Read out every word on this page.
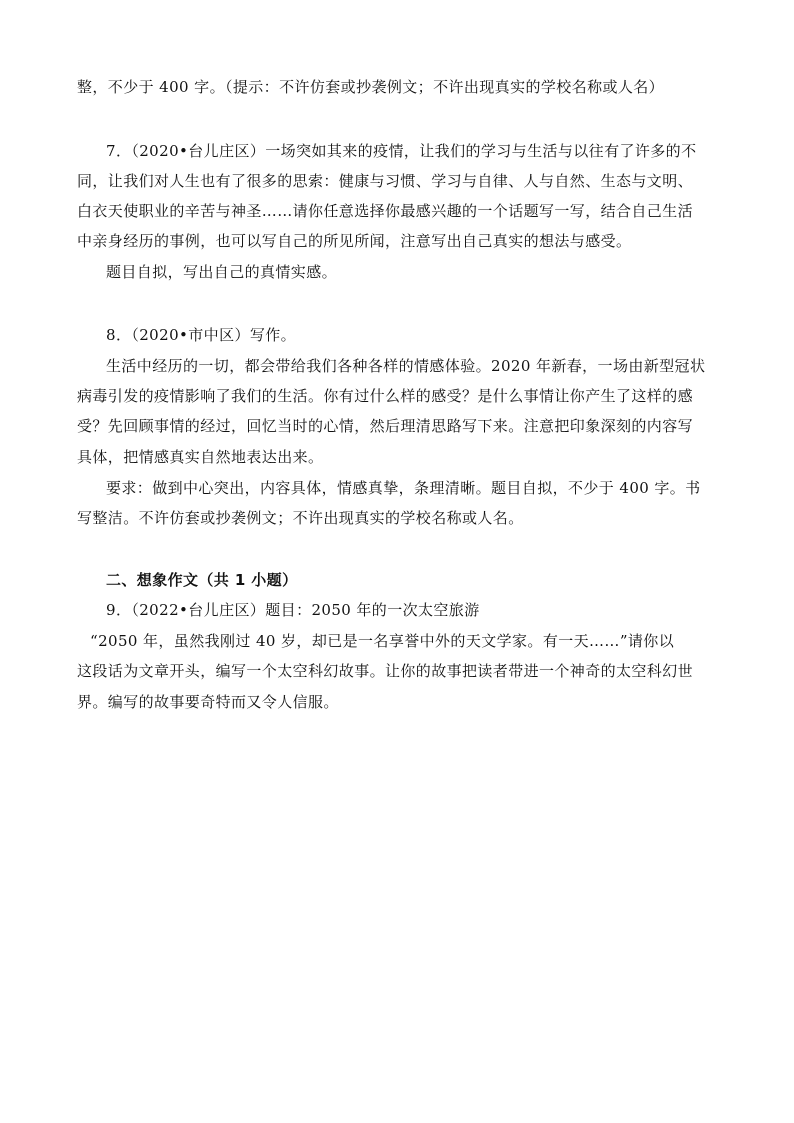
整，不少于 400 字。（提示：不许仿套或抄袭例文；不许出现真实的学校名称或人名）
7．（2020•台儿庄区）一场突如其来的疫情，让我们的学习与生活与以往有了许多的不
同，让我们对人生也有了很多的思索：健康与习惯、学习与自律、人与自然、生态与文明、
白衣天使职业的辛苦与神圣……请你任意选择你最感兴趣的一个话题写一写，结合自己生活
中亲身经历的事例，也可以写自己的所见所闻，注意写出自己真实的想法与感受。
题目自拟，写出自己的真情实感。
8．（2020•市中区）写作。
生活中经历的一切，都会带给我们各种各样的情感体验。2020 年新春，一场由新型冠状
病毒引发的疫情影响了我们的生活。你有过什么样的感受？是什么事情让你产生了这样的感
受？先回顾事情的经过，回忆当时的心情，然后理清思路写下来。注意把印象深刻的内容写
具体，把情感真实自然地表达出来。
要求：做到中心突出，内容具体，情感真挚，条理清晰。题目自拟，不少于 400 字。书
写整洁。不许仿套或抄袭例文；不许出现真实的学校名称或人名。
二、想象作文（共 1 小题）
9．（2022•台儿庄区）题目：2050 年的一次太空旅游
“2050 年，虽然我刚过 40 岁，却已是一名享誉中外的天文学家。有一天……”请你以
这段话为文章开头，编写一个太空科幻故事。让你的故事把读者带进一个神奇的太空科幻世
界。编写的故事要奇特而又令人信服。
